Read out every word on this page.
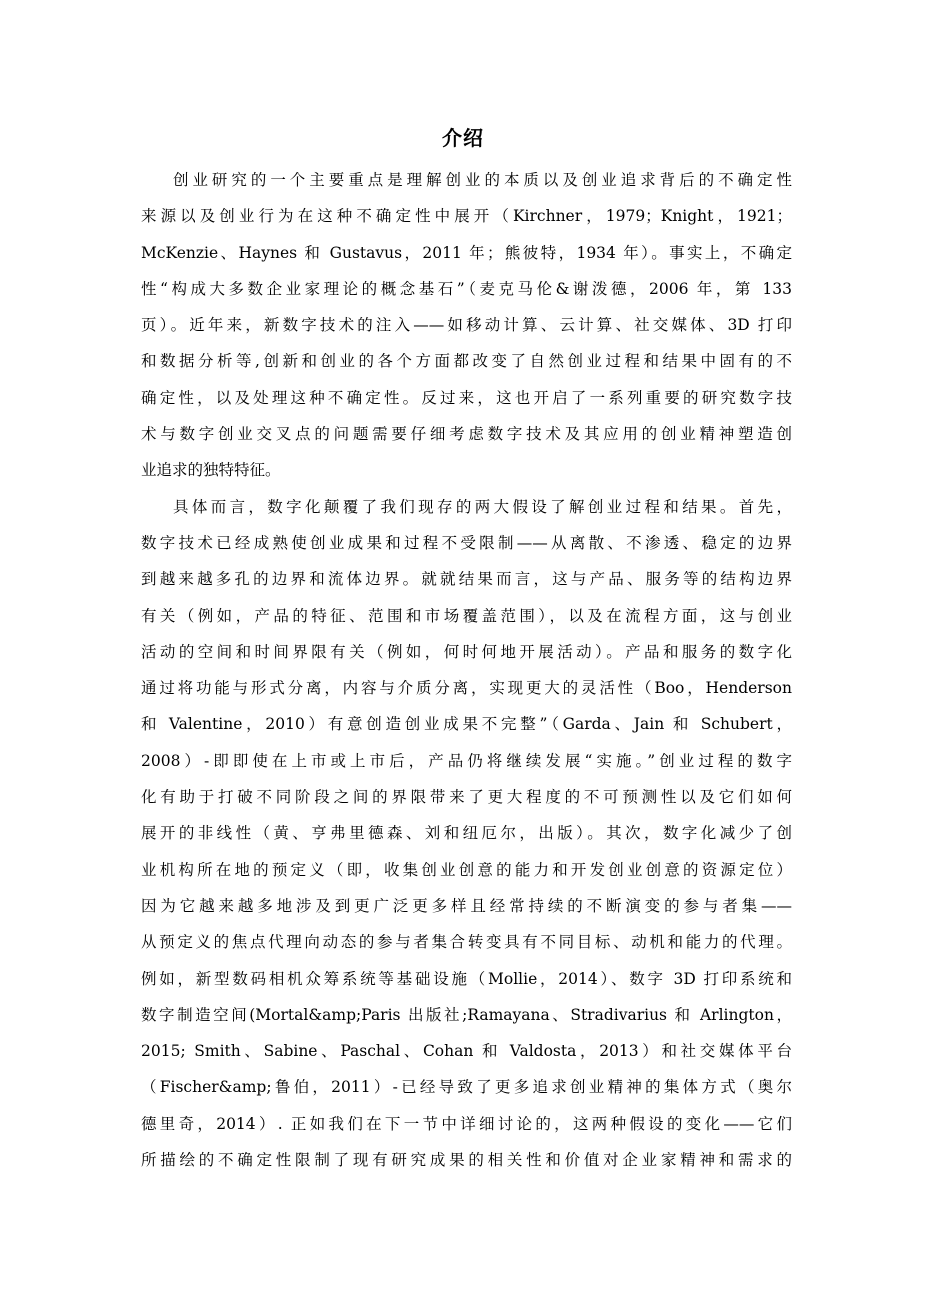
介绍
创业研究的一个主要重点是理解创业的本质以及创业追求背后的不确定性
来源以及创业行为在这种不确定性中展开（Kirchner，1979；Knight，1921；
McKenzie、Haynes 和 Gustavus，2011 年；熊彼特，1934 年）。事实上，不确定
性“构成大多数企业家理论的概念基石”（麦克马伦&谢泼德，2006 年，第 133
页）。近年来，新数字技术的注入——如移动计算、云计算、社交媒体、3D 打印
和数据分析等,创新和创业的各个方面都改变了自然创业过程和结果中固有的不
确定性，以及处理这种不确定性。反过来，这也开启了一系列重要的研究数字技
术与数字创业交叉点的问题需要仔细考虑数字技术及其应用的创业精神塑造创
业追求的独特特征。
具体而言，数字化颠覆了我们现存的两大假设了解创业过程和结果。首先，
数字技术已经成熟使创业成果和过程不受限制——从离散、不渗透、稳定的边界
到越来越多孔的边界和流体边界。就就结果而言，这与产品、服务等的结构边界
有关（例如，产品的特征、范围和市场覆盖范围），以及在流程方面，这与创业
活动的空间和时间界限有关（例如，何时何地开展活动）。产品和服务的数字化
通过将功能与形式分离，内容与介质分离，实现更大的灵活性（Boo，Henderson
和 Valentine，2010）有意创造创业成果不完整”（Garda、Jain 和 Schubert，
2008）-即即使在上市或上市后，产品仍将继续发展“实施。”创业过程的数字
化有助于打破不同阶段之间的界限带来了更大程度的不可预测性以及它们如何
展开的非线性（黄、亨弗里德森、刘和纽厄尔，出版）。其次，数字化减少了创
业机构所在地的预定义（即，收集创业创意的能力和开发创业创意的资源定位）
因为它越来越多地涉及到更广泛更多样且经常持续的不断演变的参与者集——
从预定义的焦点代理向动态的参与者集合转变具有不同目标、动机和能力的代理。
例如，新型数码相机众筹系统等基础设施（Mollie，2014）、数字 3D 打印系统和
数字制造空间(Mortal&amp;Paris 出版社;Ramayana、Stradivarius 和 Arlington，
2015; Smith、Sabine、Paschal、Cohan 和 Valdosta，2013）和社交媒体平台
（Fischer&amp;鲁伯，2011）-已经导致了更多追求创业精神的集体方式（奥尔
德里奇，2014）. 正如我们在下一节中详细讨论的，这两种假设的变化——它们
所描绘的不确定性限制了现有研究成果的相关性和价值对企业家精神和需求的
